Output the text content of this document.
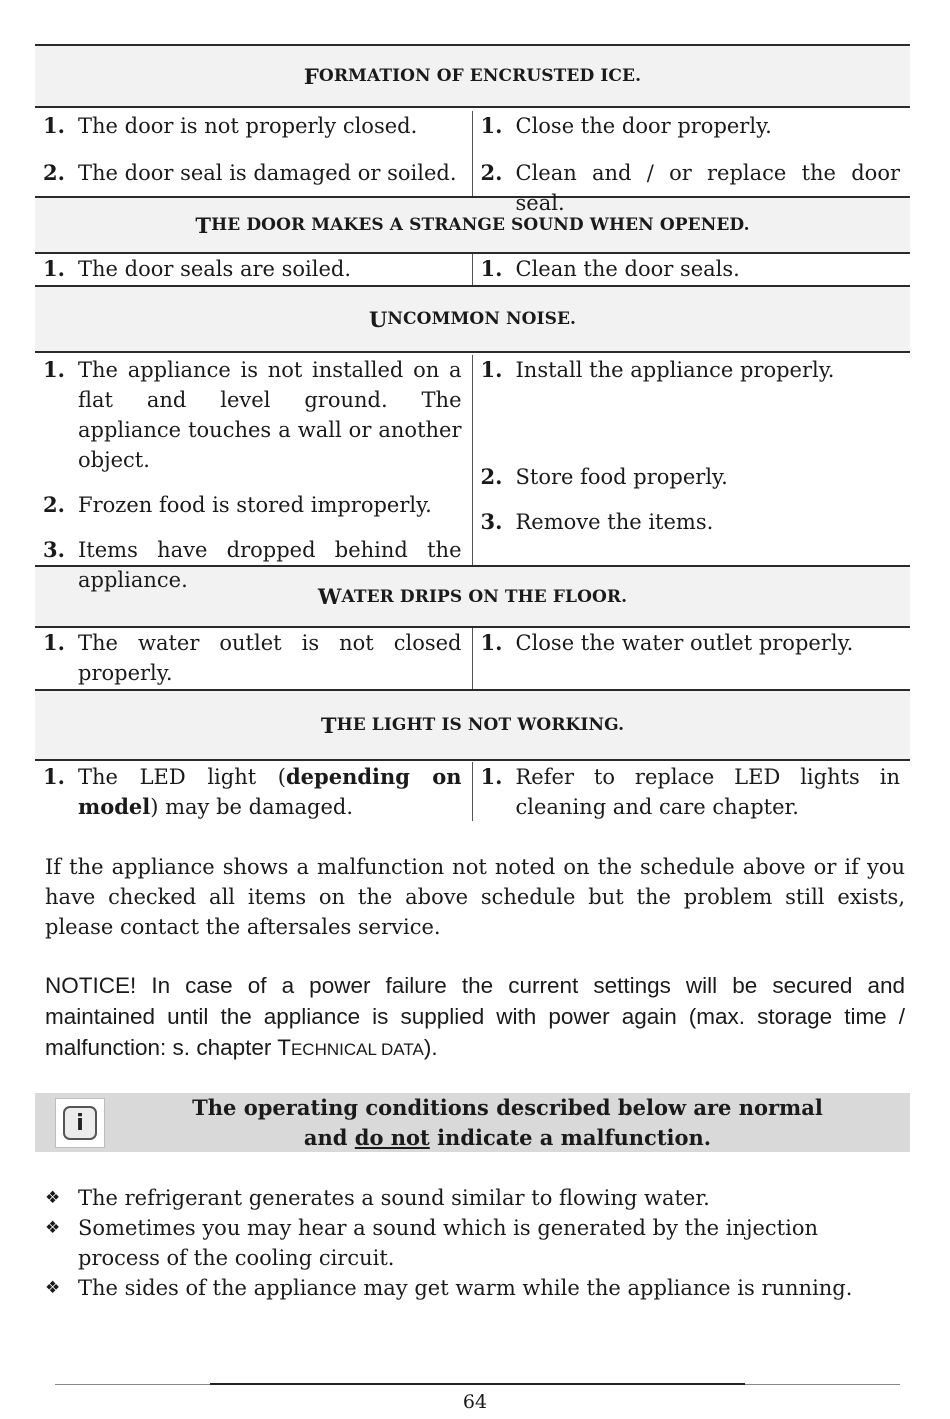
F ORMATION OF ENCRUSTED ICE.
1. The door is not properly closed.
2. The door seal is damaged or soiled.
1. Close the door properly.
2. Clean and / or replace the door seal.
T HE DOOR MAKES A STRANGE SOUND WHEN OPENED.
1. The door seals are soiled.	1. Clean the door seals.
U NCOMMON NOISE.
1. The appliance is not installed on a flat and level ground. The appliance touches a wall or another object.
2. Frozen food is stored improperly.
3. Items have dropped behind the appliance.
1. Install the appliance properly.
2. Store food properly.
3. Remove the items.
W ATER DRIPS ON THE FLOOR.
1. The water outlet is not closed properly.
1. Close the water outlet properly.
T HE LIGHT IS NOT WORKING.
1. The LED light (depending on model) may be damaged.
1. Refer to replace LED lights in cleaning and care chapter.
If the appliance shows a malfunction not noted on the schedule above or if you have checked all items on the above schedule but the problem still exists, please contact the aftersales service.
NOTICE! In case of a power failure the current settings will be secured and maintained until the appliance is supplied with power again (max. storage time / malfunction: s. chapter TECHNICAL DATA).
i
The operating conditions described below are normal
and do not indicate a malfunction.
❖ The refrigerant generates a sound similar to flowing water.
❖ Sometimes you may hear a sound which is generated by the injection process of the cooling circuit.
❖ The sides of the appliance may get warm while the appliance is running.
64
